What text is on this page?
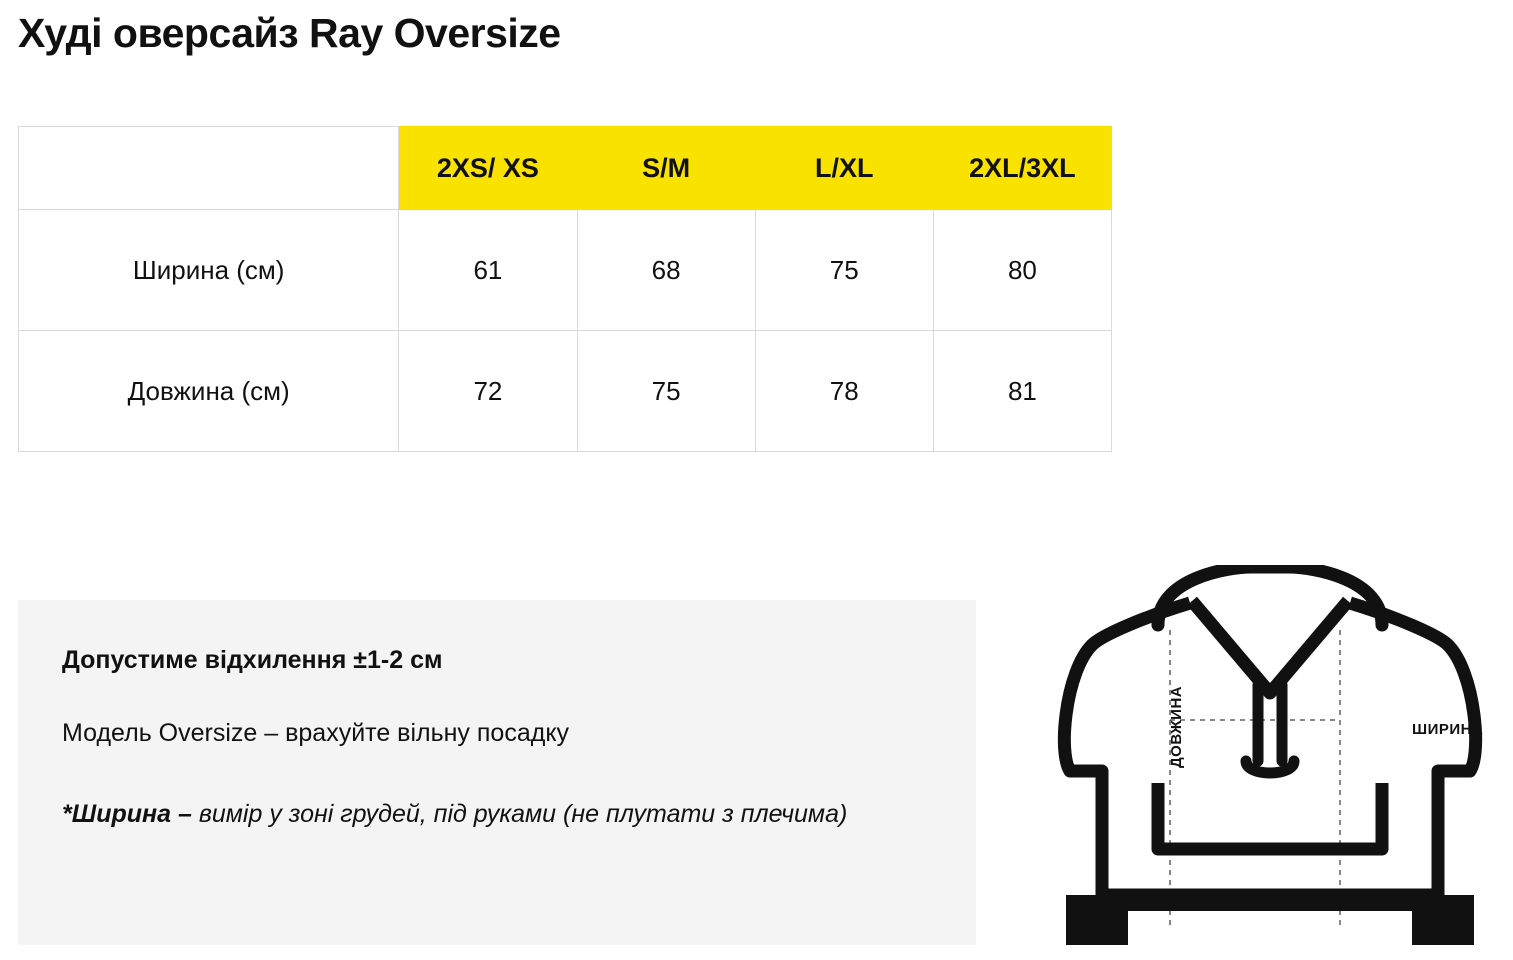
Худі оверсайз Ray Oversize
	2XS/ XS	S/M	L/XL	2XL/3XL
Ширина (см)	61	68	75	80
Довжина (см)	72	75	78	81

Допустиме відхилення ±1-2 см

Модель Oversize – врахуйте вільну посадку

*Ширина – вимір у зоні грудей, під руками (не плутати з плечима)

ШИРИНА
ДОВЖИНА
